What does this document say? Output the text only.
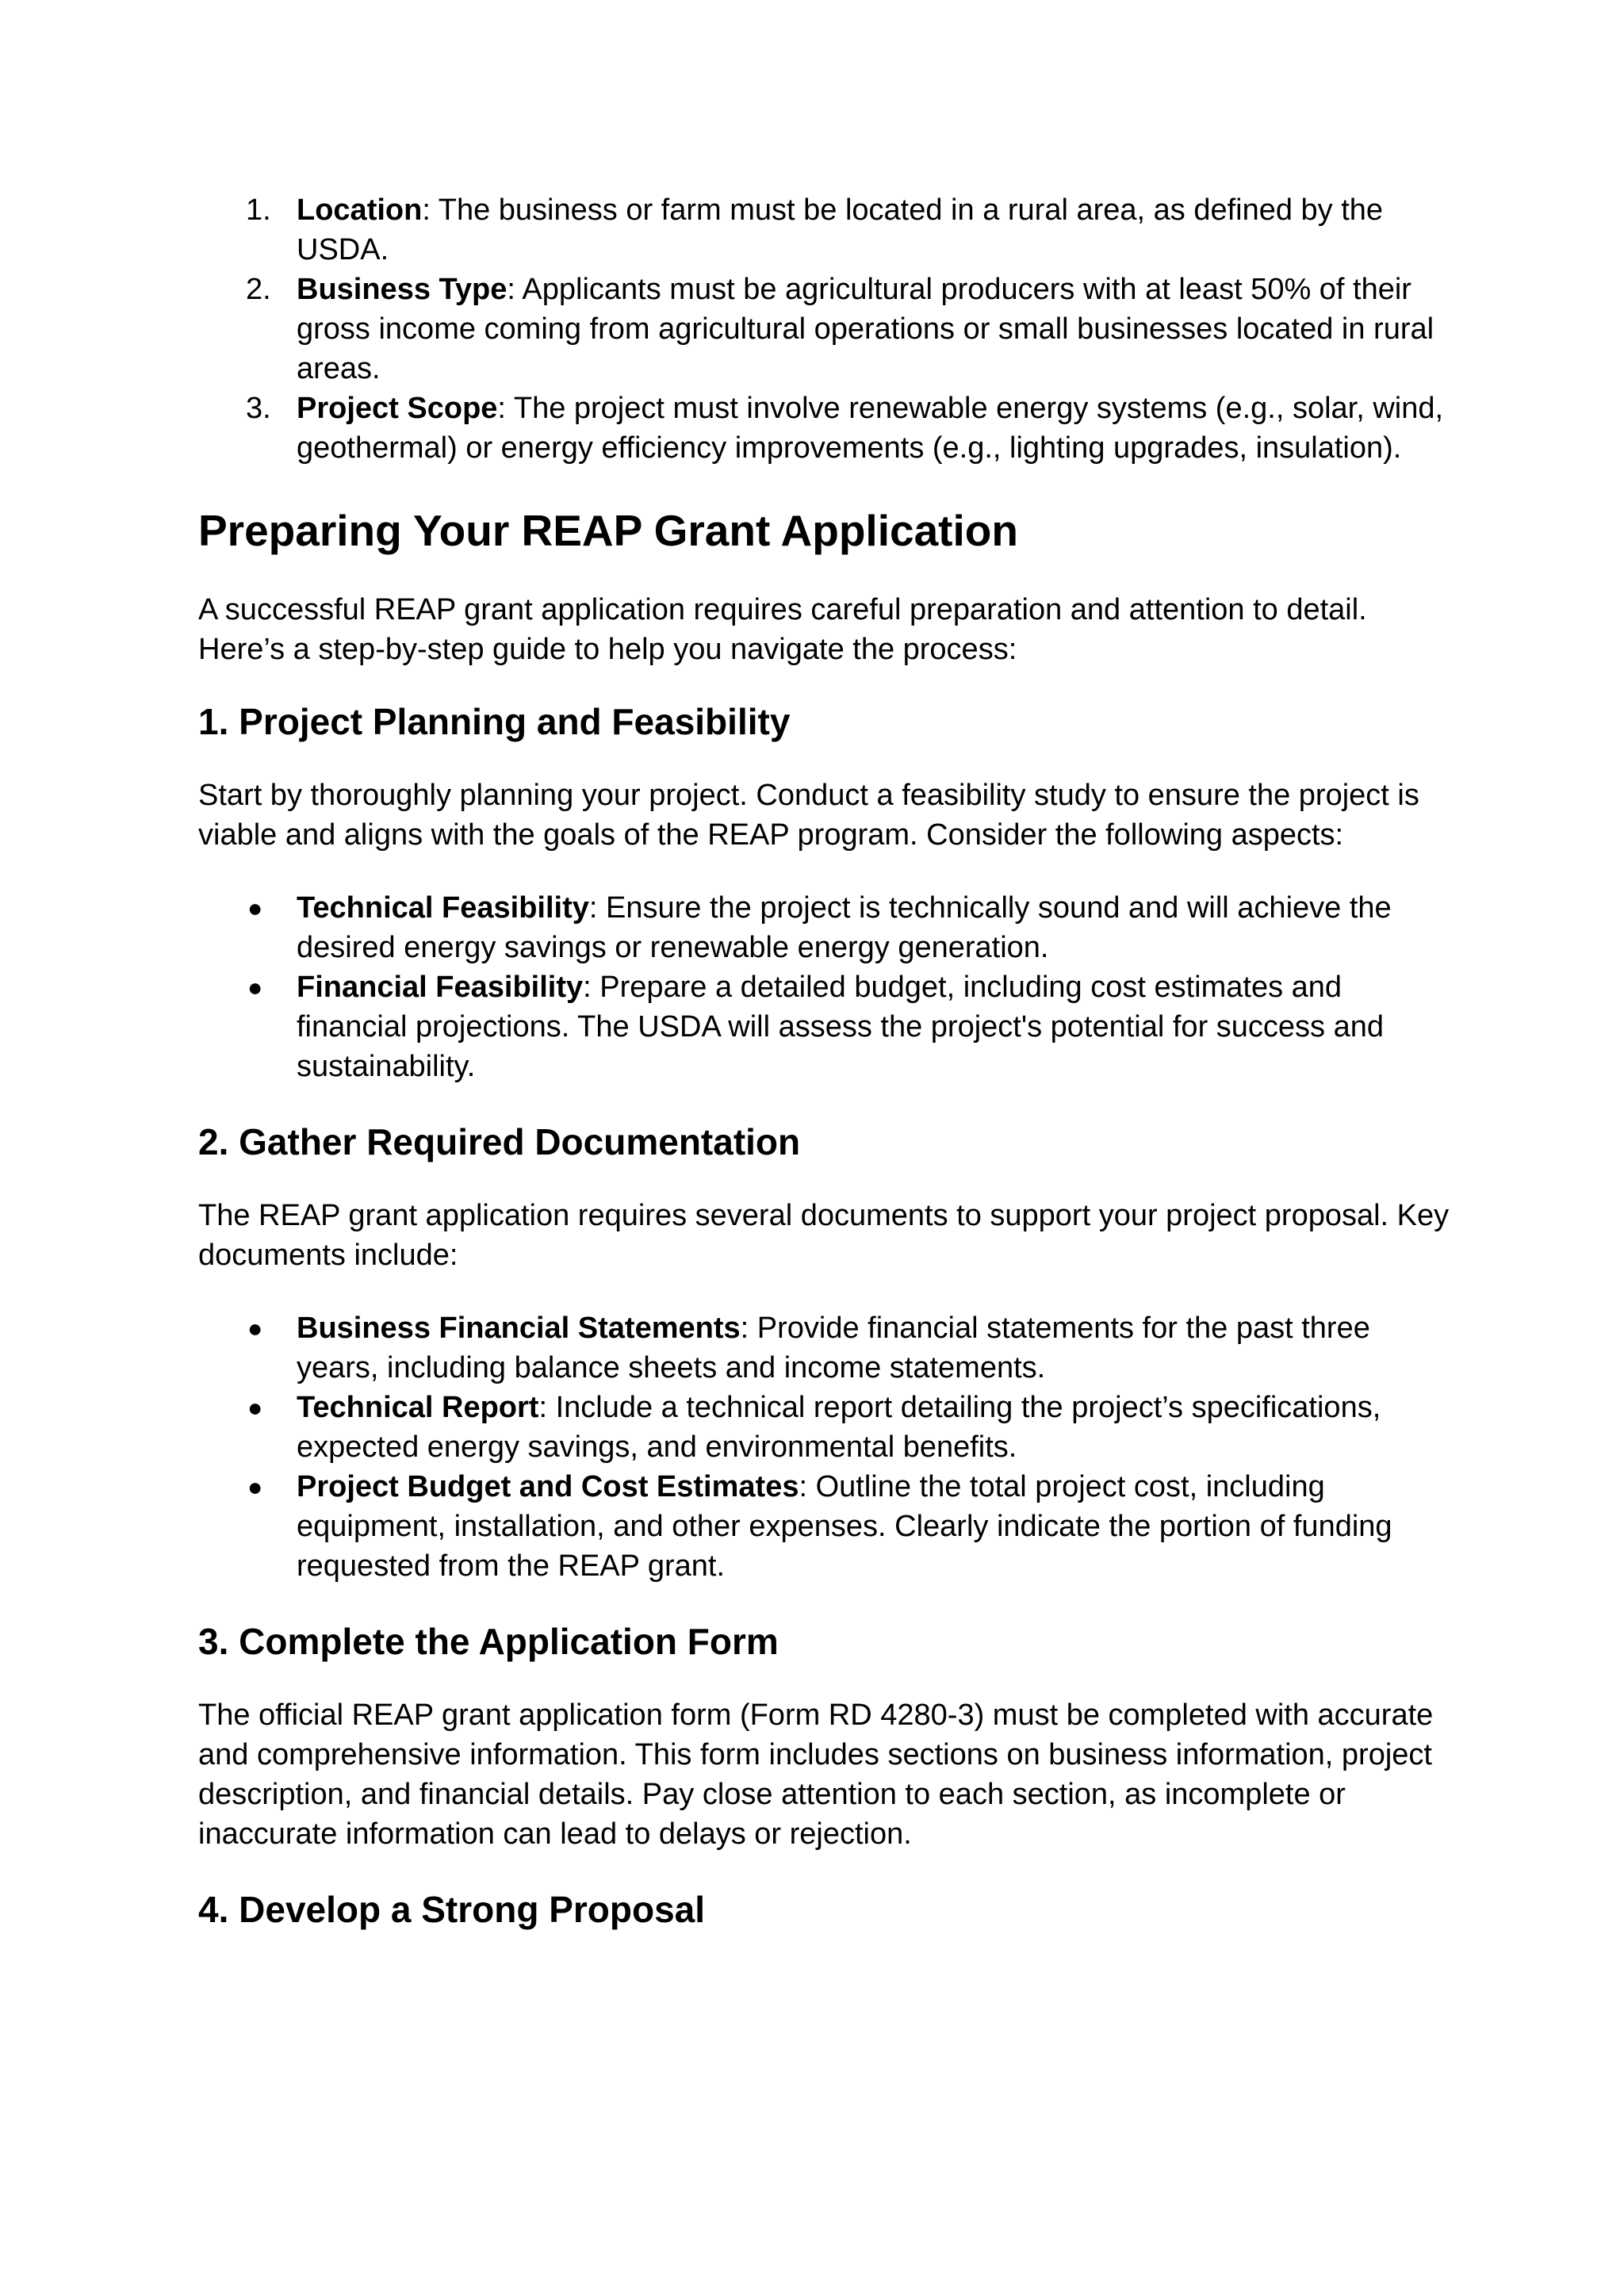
1. Location: The business or farm must be located in a rural area, as defined by the USDA.
2. Business Type: Applicants must be agricultural producers with at least 50% of their gross income coming from agricultural operations or small businesses located in rural areas.
3. Project Scope: The project must involve renewable energy systems (e.g., solar, wind, geothermal) or energy efficiency improvements (e.g., lighting upgrades, insulation).
Preparing Your REAP Grant Application

A successful REAP grant application requires careful preparation and attention to detail. Here’s a step-by-step guide to help you navigate the process:

1. Project Planning and Feasibility

Start by thoroughly planning your project. Conduct a feasibility study to ensure the project is viable and aligns with the goals of the REAP program. Consider the following aspects:

● Technical Feasibility: Ensure the project is technically sound and will achieve the desired energy savings or renewable energy generation.
● Financial Feasibility: Prepare a detailed budget, including cost estimates and financial projections. The USDA will assess the project's potential for success and sustainability.
2. Gather Required Documentation

The REAP grant application requires several documents to support your project proposal. Key documents include:

● Business Financial Statements: Provide financial statements for the past three years, including balance sheets and income statements.
● Technical Report: Include a technical report detailing the project’s specifications, expected energy savings, and environmental benefits.
● Project Budget and Cost Estimates: Outline the total project cost, including equipment, installation, and other expenses. Clearly indicate the portion of funding requested from the REAP grant.
3. Complete the Application Form

The official REAP grant application form (Form RD 4280-3) must be completed with accurate and comprehensive information. This form includes sections on business information, project description, and financial details. Pay close attention to each section, as incomplete or inaccurate information can lead to delays or rejection.

4. Develop a Strong Proposal
